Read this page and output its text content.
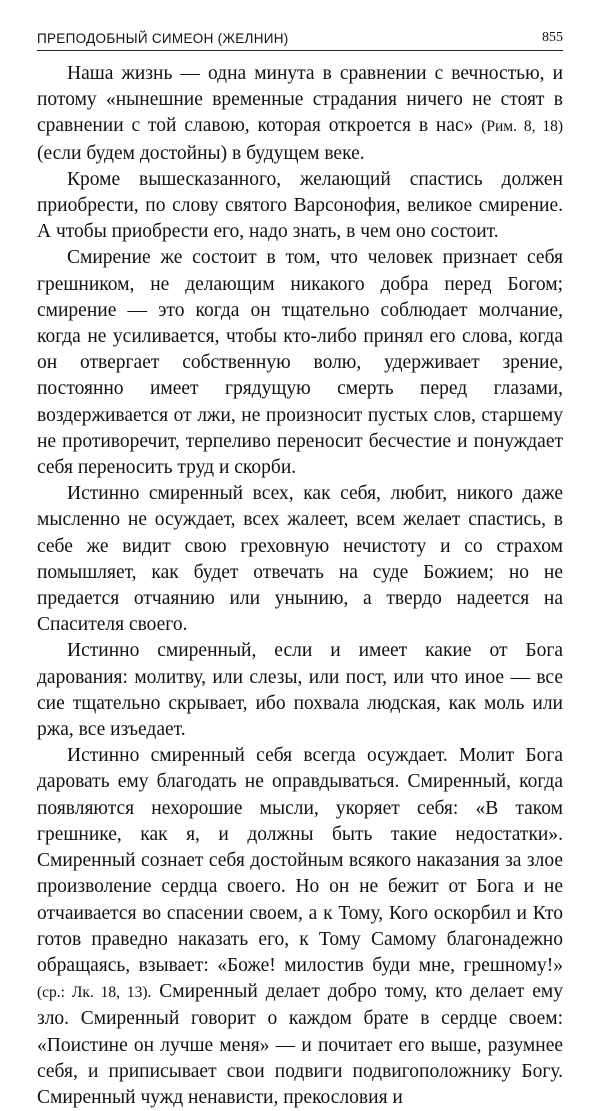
ПРЕПОДОБНЫЙ СИМЕОН (ЖЕЛНИН)	855

Наша жизнь — одна минута в сравнении с вечностью, и потому «нынешние временные страдания ничего не стоят в сравнении с той славою, которая откроется в нас» (Рим. 8, 18) (если будем достойны) в будущем веке.

Кроме вышесказанного, желающий спастись должен приобрести, по слову святого Варсонофия, великое смирение. А чтобы приобрести его, надо знать, в чем оно состоит.

Смирение же состоит в том, что человек признает себя грешником, не делающим никакого добра перед Богом; смирение — это когда он тщательно соблюдает молчание, когда не усиливается, чтобы кто-либо принял его слова, когда он отвергает собственную волю, удерживает зрение, постоянно имеет грядущую смерть перед глазами, воздерживается от лжи, не произносит пустых слов, старшему не противоречит, терпеливо переносит бесчестие и понуждает себя переносить труд и скорби.

Истинно смиренный всех, как себя, любит, никого даже мысленно не осуждает, всех жалеет, всем желает спастись, в себе же видит свою греховную нечистоту и со страхом помышляет, как будет отвечать на суде Божием; но не предается отчаянию или унынию, а твердо надеется на Спасителя своего.

Истинно смиренный, если и имеет какие от Бога дарования: молитву, или слезы, или пост, или что иное — все сие тщательно скрывает, ибо похвала людская, как моль или ржа, все изъедает.

Истинно смиренный себя всегда осуждает. Молит Бога даровать ему благодать не оправдываться. Смиренный, когда появляются нехорошие мысли, укоряет себя: «В таком грешнике, как я, и должны быть такие недостатки». Смиренный сознает себя достойным всякого наказания за злое произволение сердца своего. Но он не бежит от Бога и не отчаивается во спасении своем, а к Тому, Кого оскорбил и Кто готов праведно наказать его, к Тому Самому благонадежно обращаясь, взывает: «Боже! милостив буди мне, грешному!» (ср.: Лк. 18, 13). Смиренный делает добро тому, кто делает ему зло. Смиренный говорит о каждом брате в сердце своем: «Поистине он лучше меня» — и почитает его выше, разумнее себя, и приписывает свои подвиги подвигоположнику Богу. Смиренный чужд ненависти, прекословия и
